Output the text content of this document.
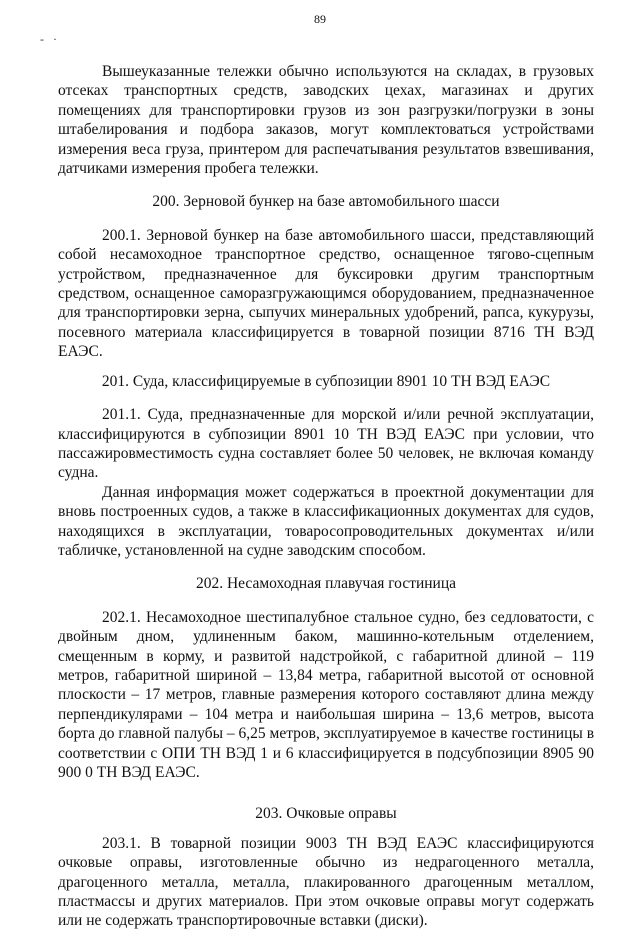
89
- ·

Вышеуказанные тележки обычно используются на складах, в грузовых отсеках транспортных средств, заводских цехах, магазинах и других помещениях для транспортировки грузов из зон разгрузки/погрузки в зоны штабелирования и подбора заказов, могут комплектоваться устройствами измерения веса груза, принтером для распечатывания результатов взвешивания, датчиками измерения пробега тележки.

200. Зерновой бункер на базе автомобильного шасси

200.1. Зерновой бункер на базе автомобильного шасси, представляющий собой несамоходное транспортное средство, оснащенное тягово-сцепным устройством, предназначенное для буксировки другим транспортным средством, оснащенное саморазгружающимся оборудованием, предназначенное для транспортировки зерна, сыпучих минеральных удобрений, рапса, кукурузы, посевного материала классифицируется в товарной позиции 8716 ТН ВЭД ЕАЭС.

201. Суда, классифицируемые в субпозиции 8901 10 ТН ВЭД ЕАЭС

201.1. Суда, предназначенные для морской и/или речной эксплуатации, классифицируются в субпозиции 8901 10 ТН ВЭД ЕАЭС при условии, что пассажировместимость судна составляет более 50 человек, не включая команду судна.

Данная информация может содержаться в проектной документации для вновь построенных судов, а также в классификационных документах для судов, находящихся в эксплуатации, товаросопроводительных документах и/или табличке, установленной на судне заводским способом.

202. Несамоходная плавучая гостиница

202.1. Несамоходное шестипалубное стальное судно, без седловатости, с двойным дном, удлиненным баком, машинно-котельным отделением, смещенным в корму, и развитой надстройкой, с габаритной длиной – 119 метров, габаритной шириной – 13,84 метра, габаритной высотой от основной плоскости – 17 метров, главные размерения которого составляют длина между перпендикулярами – 104 метра и наибольшая ширина – 13,6 метров, высота борта до главной палубы – 6,25 метров, эксплуатируемое в качестве гостиницы в соответствии с ОПИ ТН ВЭД 1 и 6 классифицируется в подсубпозиции 8905 90 900 0 ТН ВЭД ЕАЭС.

203. Очковые оправы

203.1. В товарной позиции 9003 ТН ВЭД ЕАЭС классифицируются очковые оправы, изготовленные обычно из недрагоценного металла, драгоценного металла, металла, плакированного драгоценным металлом, пластмассы и других материалов. При этом очковые оправы могут содержать или не содержать транспортировочные вставки (диски).
